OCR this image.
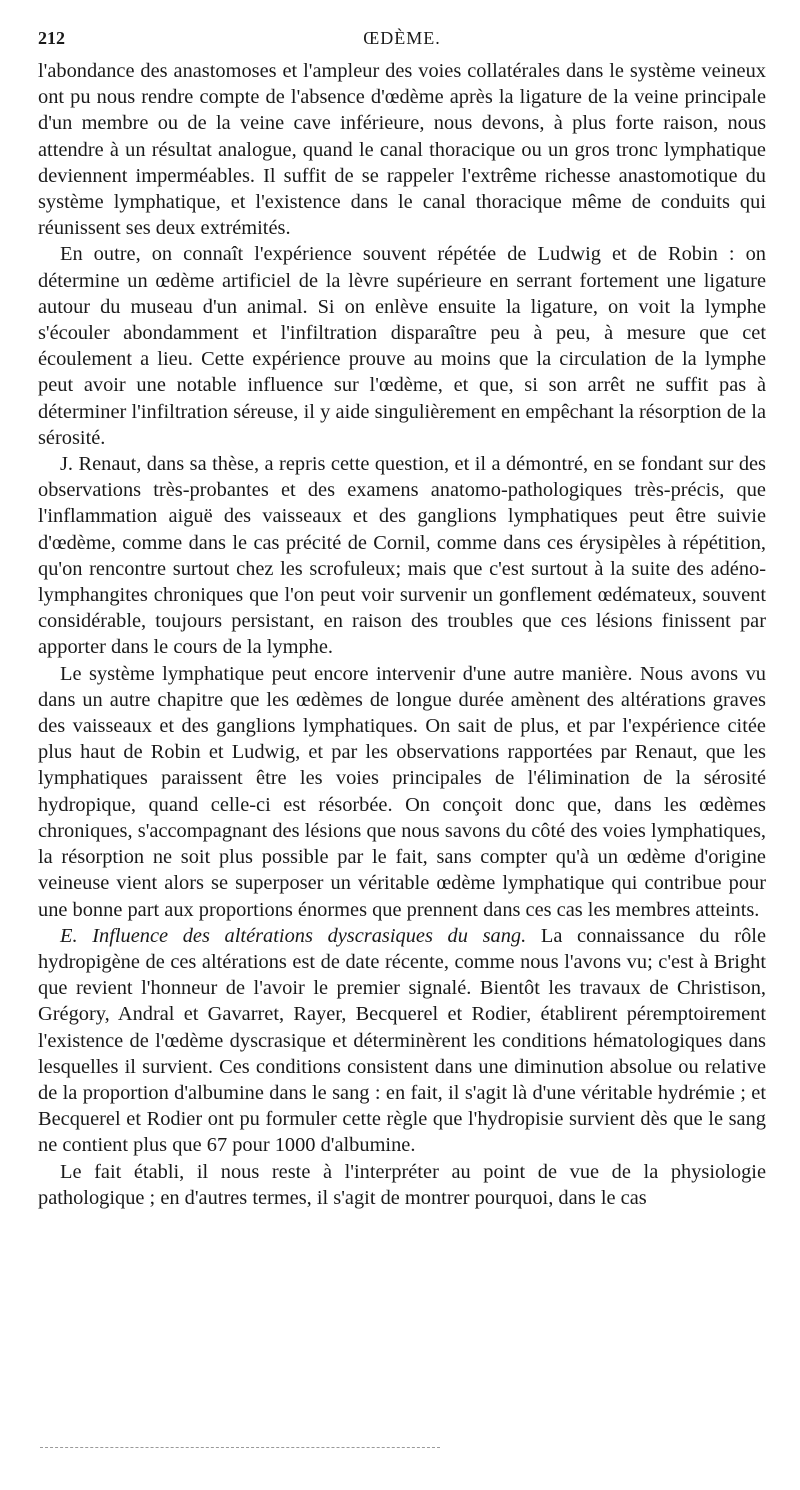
212	ŒDÈME.

l'abondance des anastomoses et l'ampleur des voies collatérales dans le système veineux ont pu nous rendre compte de l'absence d'œdème après la ligature de la veine principale d'un membre ou de la veine cave inférieure, nous devons, à plus forte raison, nous attendre à un résultat analogue, quand le canal thoracique ou un gros tronc lymphatique deviennent imperméables. Il suffit de se rappeler l'extrême richesse anastomotique du système lymphatique, et l'existence dans le canal thoracique même de conduits qui réunissent ses deux extrémités.

En outre, on connaît l'expérience souvent répétée de Ludwig et de Robin : on détermine un œdème artificiel de la lèvre supérieure en serrant fortement une ligature autour du museau d'un animal. Si on enlève ensuite la ligature, on voit la lymphe s'écouler abondamment et l'infiltration disparaître peu à peu, à mesure que cet écoulement a lieu. Cette expérience prouve au moins que la circulation de la lymphe peut avoir une notable influence sur l'œdème, et que, si son arrêt ne suffit pas à déterminer l'infiltration séreuse, il y aide singulièrement en empêchant la résorption de la sérosité.

J. Renaut, dans sa thèse, a repris cette question, et il a démontré, en se fondant sur des observations très-probantes et des examens anatomo-pathologiques très-précis, que l'inflammation aiguë des vaisseaux et des ganglions lymphatiques peut être suivie d'œdème, comme dans le cas précité de Cornil, comme dans ces érysipèles à répétition, qu'on rencontre surtout chez les scrofuleux; mais que c'est surtout à la suite des adéno-lymphangites chroniques que l'on peut voir survenir un gonflement œdémateux, souvent considérable, toujours persistant, en raison des troubles que ces lésions finissent par apporter dans le cours de la lymphe.

Le système lymphatique peut encore intervenir d'une autre manière. Nous avons vu dans un autre chapitre que les œdèmes de longue durée amènent des altérations graves des vaisseaux et des ganglions lymphatiques. On sait de plus, et par l'expérience citée plus haut de Robin et Ludwig, et par les observations rapportées par Renaut, que les lymphatiques paraissent être les voies principales de l'élimination de la sérosité hydropique, quand celle-ci est résorbée. On conçoit donc que, dans les œdèmes chroniques, s'accompagnant des lésions que nous savons du côté des voies lymphatiques, la résorption ne soit plus possible par le fait, sans compter qu'à un œdème d'origine veineuse vient alors se superposer un véritable œdème lymphatique qui contribue pour une bonne part aux proportions énormes que prennent dans ces cas les membres atteints.

E. Influence des altérations dyscrasiques du sang. La connaissance du rôle hydropigène de ces altérations est de date récente, comme nous l'avons vu; c'est à Bright que revient l'honneur de l'avoir le premier signalé. Bientôt les travaux de Christison, Grégory, Andral et Gavarret, Rayer, Becquerel et Rodier, établirent péremptoirement l'existence de l'œdème dyscrasique et déterminèrent les conditions hématologiques dans lesquelles il survient. Ces conditions consistent dans une diminution absolue ou relative de la proportion d'albumine dans le sang : en fait, il s'agit là d'une véritable hydrémie ; et Becquerel et Rodier ont pu formuler cette règle que l'hydropisie survient dès que le sang ne contient plus que 67 pour 1000 d'albumine.

Le fait établi, il nous reste à l'interpréter au point de vue de la physiologie pathologique ; en d'autres termes, il s'agit de montrer pourquoi, dans le cas
